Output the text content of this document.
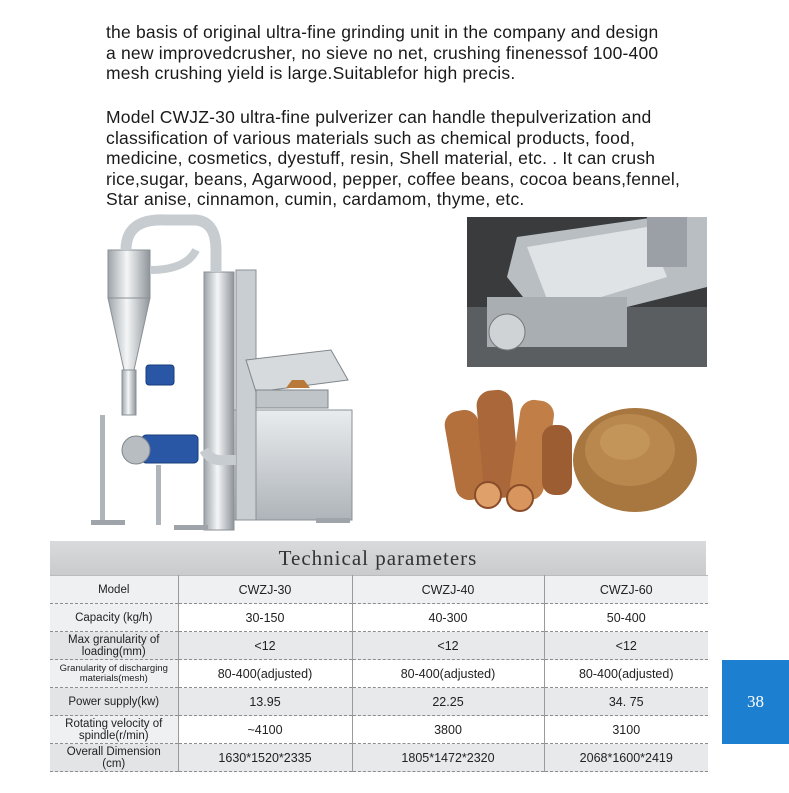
the basis of original ultra-fine grinding unit in the company and design
a new improvedcrusher, no sieve no net, crushing finenessof 100-400
mesh crushing yield is large.Suitablefor high precis.
Model CWJZ-30 ultra-fine pulverizer can handle thepulverization and
classification of various materials such as chemical products, food,
medicine, cosmetics, dyestuff, resin, Shell material, etc. . It can crush
rice,sugar, beans, Agarwood, pepper, coffee beans, cocoa beans,fennel,
Star anise, cinnamon, cumin, cardamom, thyme, etc.
Technical parameters
Model	CWZJ-30	CWZJ-40	CWZJ-60
Capacity (kg/h)	30-150	40-300	50-400
Max granularity of
loading(mm)	<12	<12	<12
Granularity of discharging
materials(mesh)	80-400(adjusted)	80-400(adjusted)	80-400(adjusted)
Power supply(kw)	13.95	22.25	34. 75
Rotating velocity of
spindle(r/min)	~4100	3800	3100
Overall Dimension
(cm)	1630*1520*2335	1805*1472*2320	2068*1600*2419
38
